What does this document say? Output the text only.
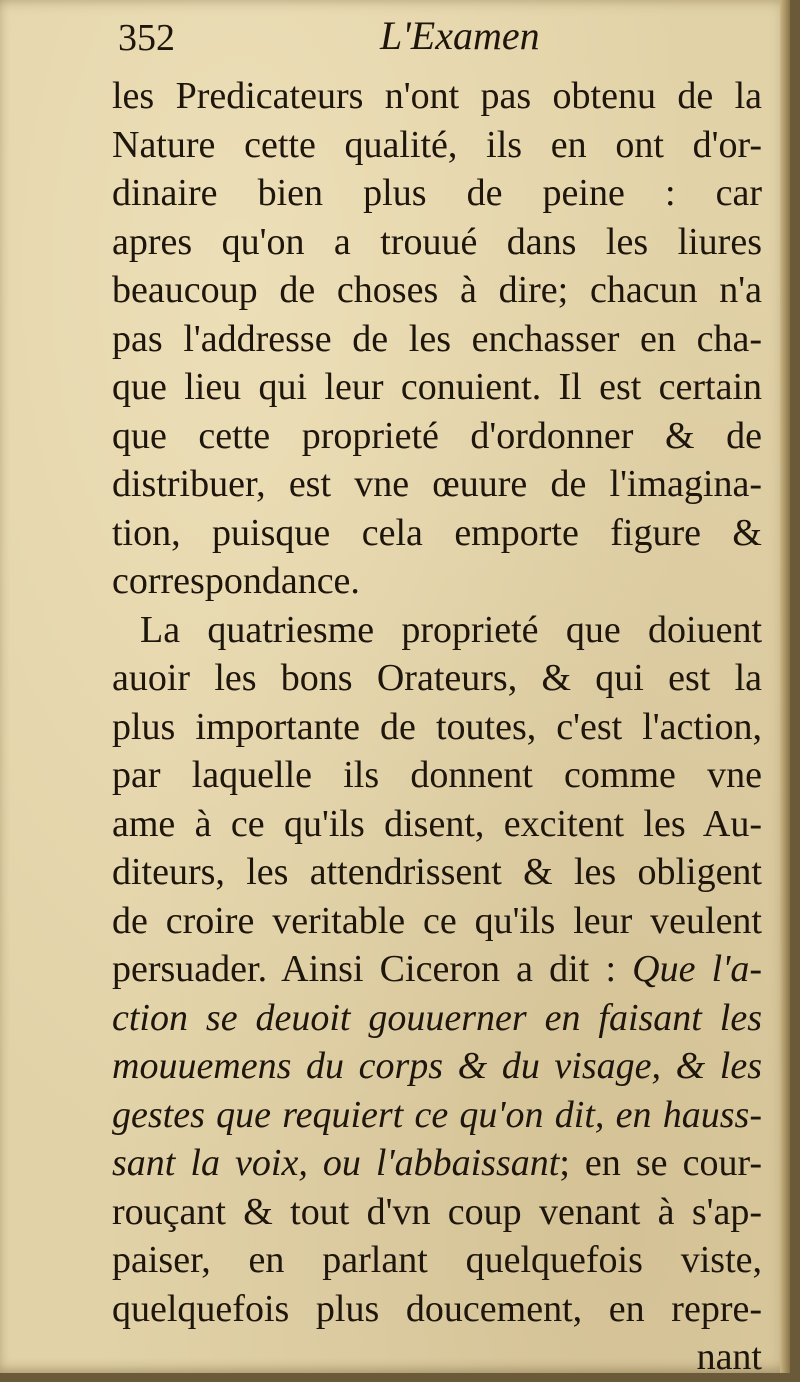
352	L'Examen
les Predicateurs n'ont pas obtenu de la
Nature cette qualité, ils en ont d'or-
dinaire bien plus de peine : car
apres qu'on a trouué dans les liures
beaucoup de choses à dire; chacun n'a
pas l'addresse de les enchasser en cha-
que lieu qui leur conuient. Il est certain
que cette proprieté d'ordonner & de
distribuer, est vne œuure de l'imagina-
tion, puisque cela emporte figure &
correspondance.
La quatriesme proprieté que doiuent
auoir les bons Orateurs, & qui est la
plus importante de toutes, c'est l'action,
par laquelle ils donnent comme vne
ame à ce qu'ils disent, excitent les Au-
diteurs, les attendrissent & les obligent
de croire veritable ce qu'ils leur veulent
persuader. Ainsi Ciceron a dit : Que l'a-
ction se deuoit gouuerner en faisant les
mouuemens du corps & du visage, & les
gestes que requiert ce qu'on dit, en hauss-
sant la voix, ou l'abbaissant; en se cour-
rouçant & tout d'vn coup venant à s'ap-
paiser, en parlant quelquefois viste,
quelquefois plus doucement, en repre-
nant
